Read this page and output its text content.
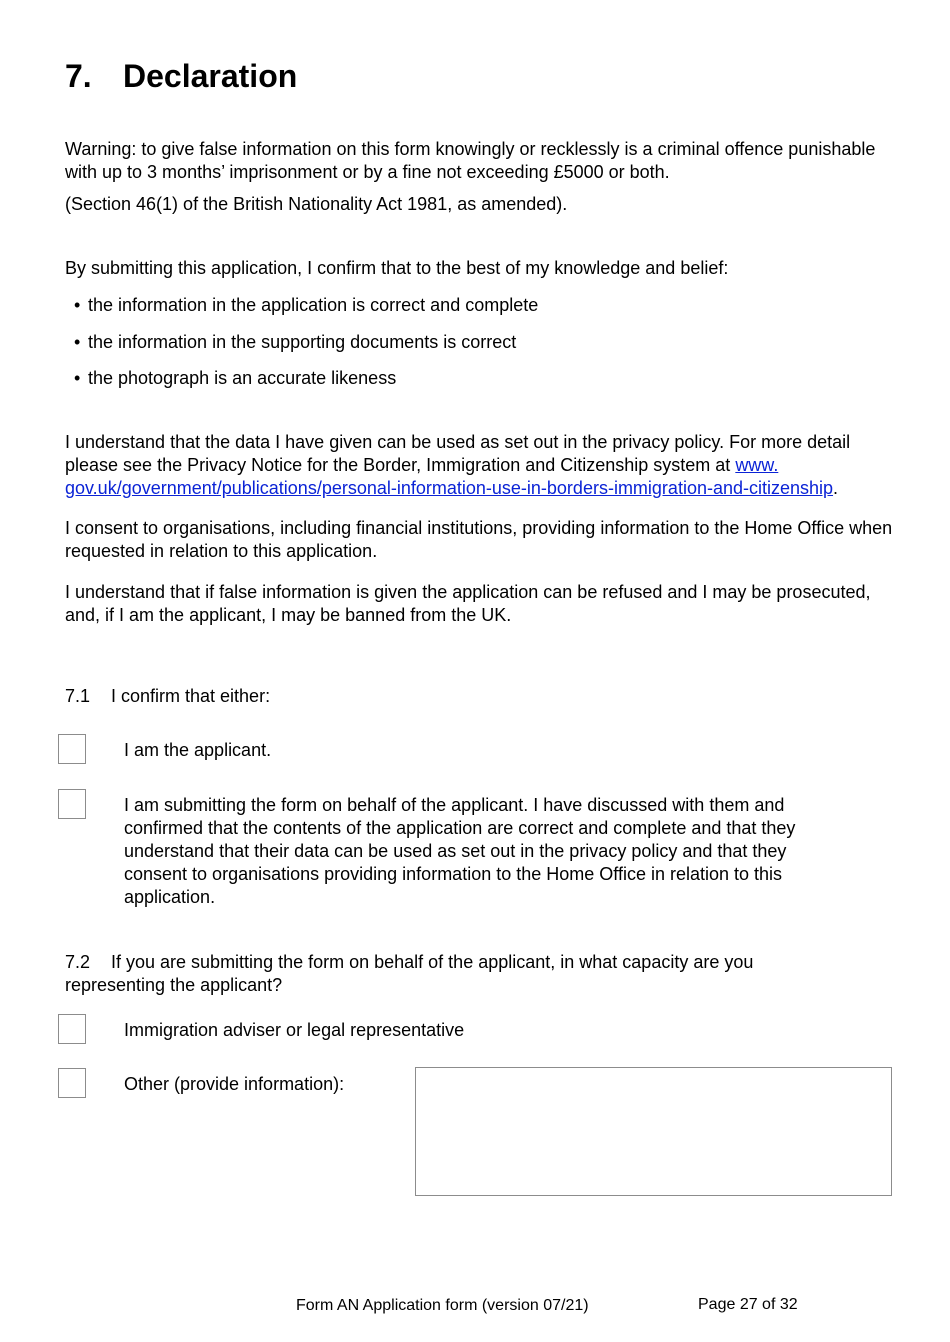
7. Declaration

Warning: to give false information on this form knowingly or recklessly is a criminal offence punishable with up to 3 months’ imprisonment or by a fine not exceeding £5000 or both.

(Section 46(1) of the British Nationality Act 1981, as amended).

By submitting this application, I confirm that to the best of my knowledge and belief:

• the information in the application is correct and complete
• the information in the supporting documents is correct
• the photograph is an accurate likeness

I understand that the data I have given can be used as set out in the privacy policy. For more detail please see the Privacy Notice for the Border, Immigration and Citizenship system at www.
gov.uk/government/publications/personal-information-use-in-borders-immigration-and-citizenship.

I consent to organisations, including financial institutions, providing information to the Home Office when requested in relation to this application.

I understand that if false information is given the application can be refused and I may be prosecuted, and, if I am the applicant, I may be banned from the UK.

7.1 I confirm that either:
I am the applicant.
I am submitting the form on behalf of the applicant. I have discussed with them and confirmed that the contents of the application are correct and complete and that they understand that their data can be used as set out in the privacy policy and that they consent to organisations providing information to the Home Office in relation to this application.
7.2 If you are submitting the form on behalf of the applicant, in what capacity are you representing the applicant?
Immigration adviser or legal representative
Other (provide information):
Form AN Application form (version 07/21)	Page 27 of 32
